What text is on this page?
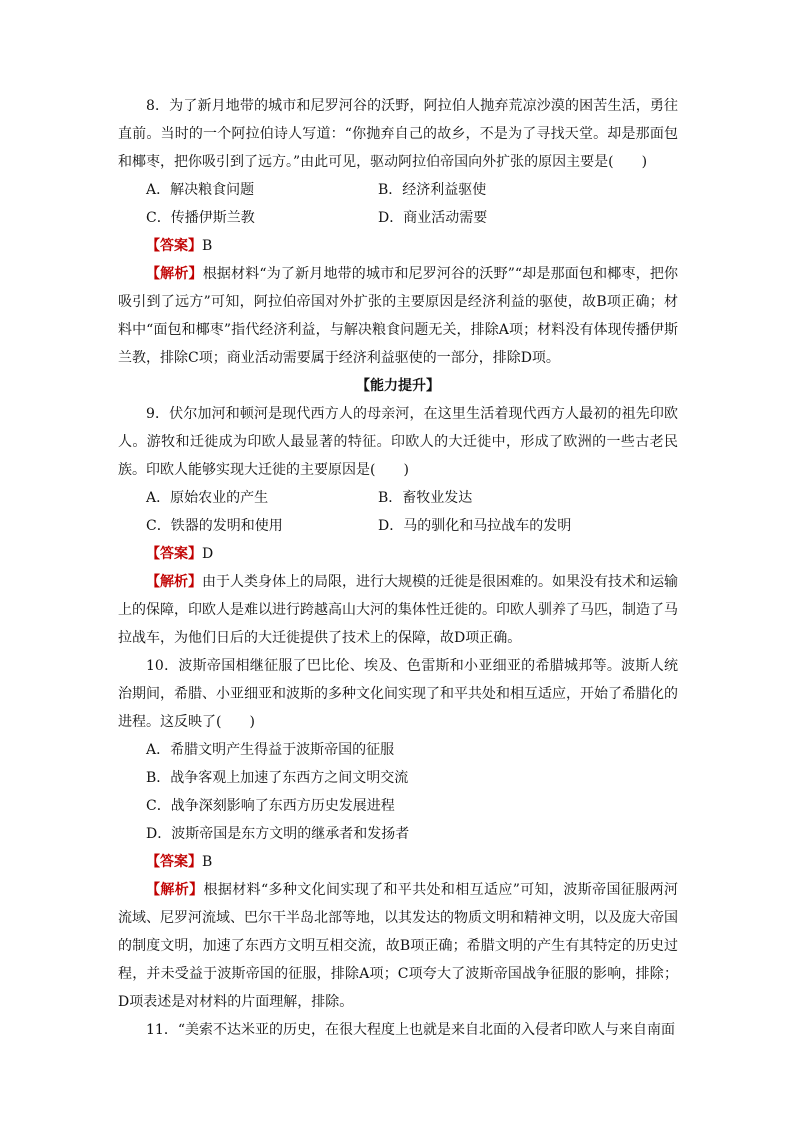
8．为了新月地带的城市和尼罗河谷的沃野，阿拉伯人抛弃荒凉沙漠的困苦生活，勇往直前。当时的一个阿拉伯诗人写道：“你抛弃自己的故乡，不是为了寻找天堂。却是那面包和椰枣，把你吸引到了远方。”由此可见，驱动阿拉伯帝国向外扩张的原因主要是(　　)

A．解决粮食问题	B．经济利益驱使
C．传播伊斯兰教	D．商业活动需要
【答案】B

【解析】根据材料“为了新月地带的城市和尼罗河谷的沃野”“却是那面包和椰枣，把你吸引到了远方”可知，阿拉伯帝国对外扩张的主要原因是经济利益的驱使，故B项正确；材料中“面包和椰枣”指代经济利益，与解决粮食问题无关，排除A项；材料没有体现传播伊斯兰教，排除C项；商业活动需要属于经济利益驱使的一部分，排除D项。

【能力提升】

9．伏尔加河和顿河是现代西方人的母亲河，在这里生活着现代西方人最初的祖先印欧人。游牧和迁徙成为印欧人最显著的特征。印欧人的大迁徙中，形成了欧洲的一些古老民族。印欧人能够实现大迁徙的主要原因是(　　)

A．原始农业的产生	B．畜牧业发达
C．铁器的发明和使用	D．马的驯化和马拉战车的发明
【答案】D

【解析】由于人类身体上的局限，进行大规模的迁徙是很困难的。如果没有技术和运输上的保障，印欧人是难以进行跨越高山大河的集体性迁徙的。印欧人驯养了马匹，制造了马拉战车，为他们日后的大迁徙提供了技术上的保障，故D项正确。

10．波斯帝国相继征服了巴比伦、埃及、色雷斯和小亚细亚的希腊城邦等。波斯人统治期间，希腊、小亚细亚和波斯的多种文化间实现了和平共处和相互适应，开始了希腊化的进程。这反映了(　　)

A．希腊文明产生得益于波斯帝国的征服
B．战争客观上加速了东西方之间文明交流
C．战争深刻影响了东西方历史发展进程
D．波斯帝国是东方文明的继承者和发扬者
【答案】B

【解析】根据材料“多种文化间实现了和平共处和相互适应”可知，波斯帝国征服两河流域、尼罗河流域、巴尔干半岛北部等地，以其发达的物质文明和精神文明，以及庞大帝国的制度文明，加速了东西方文明互相交流，故B项正确；希腊文明的产生有其特定的历史过程，并未受益于波斯帝国的征服，排除A项；C项夸大了波斯帝国战争征服的影响，排除；D项表述是对材料的片面理解，排除。

11．“美索不达米亚的历史，在很大程度上也就是来自北面的入侵者印欧人与来自南面
